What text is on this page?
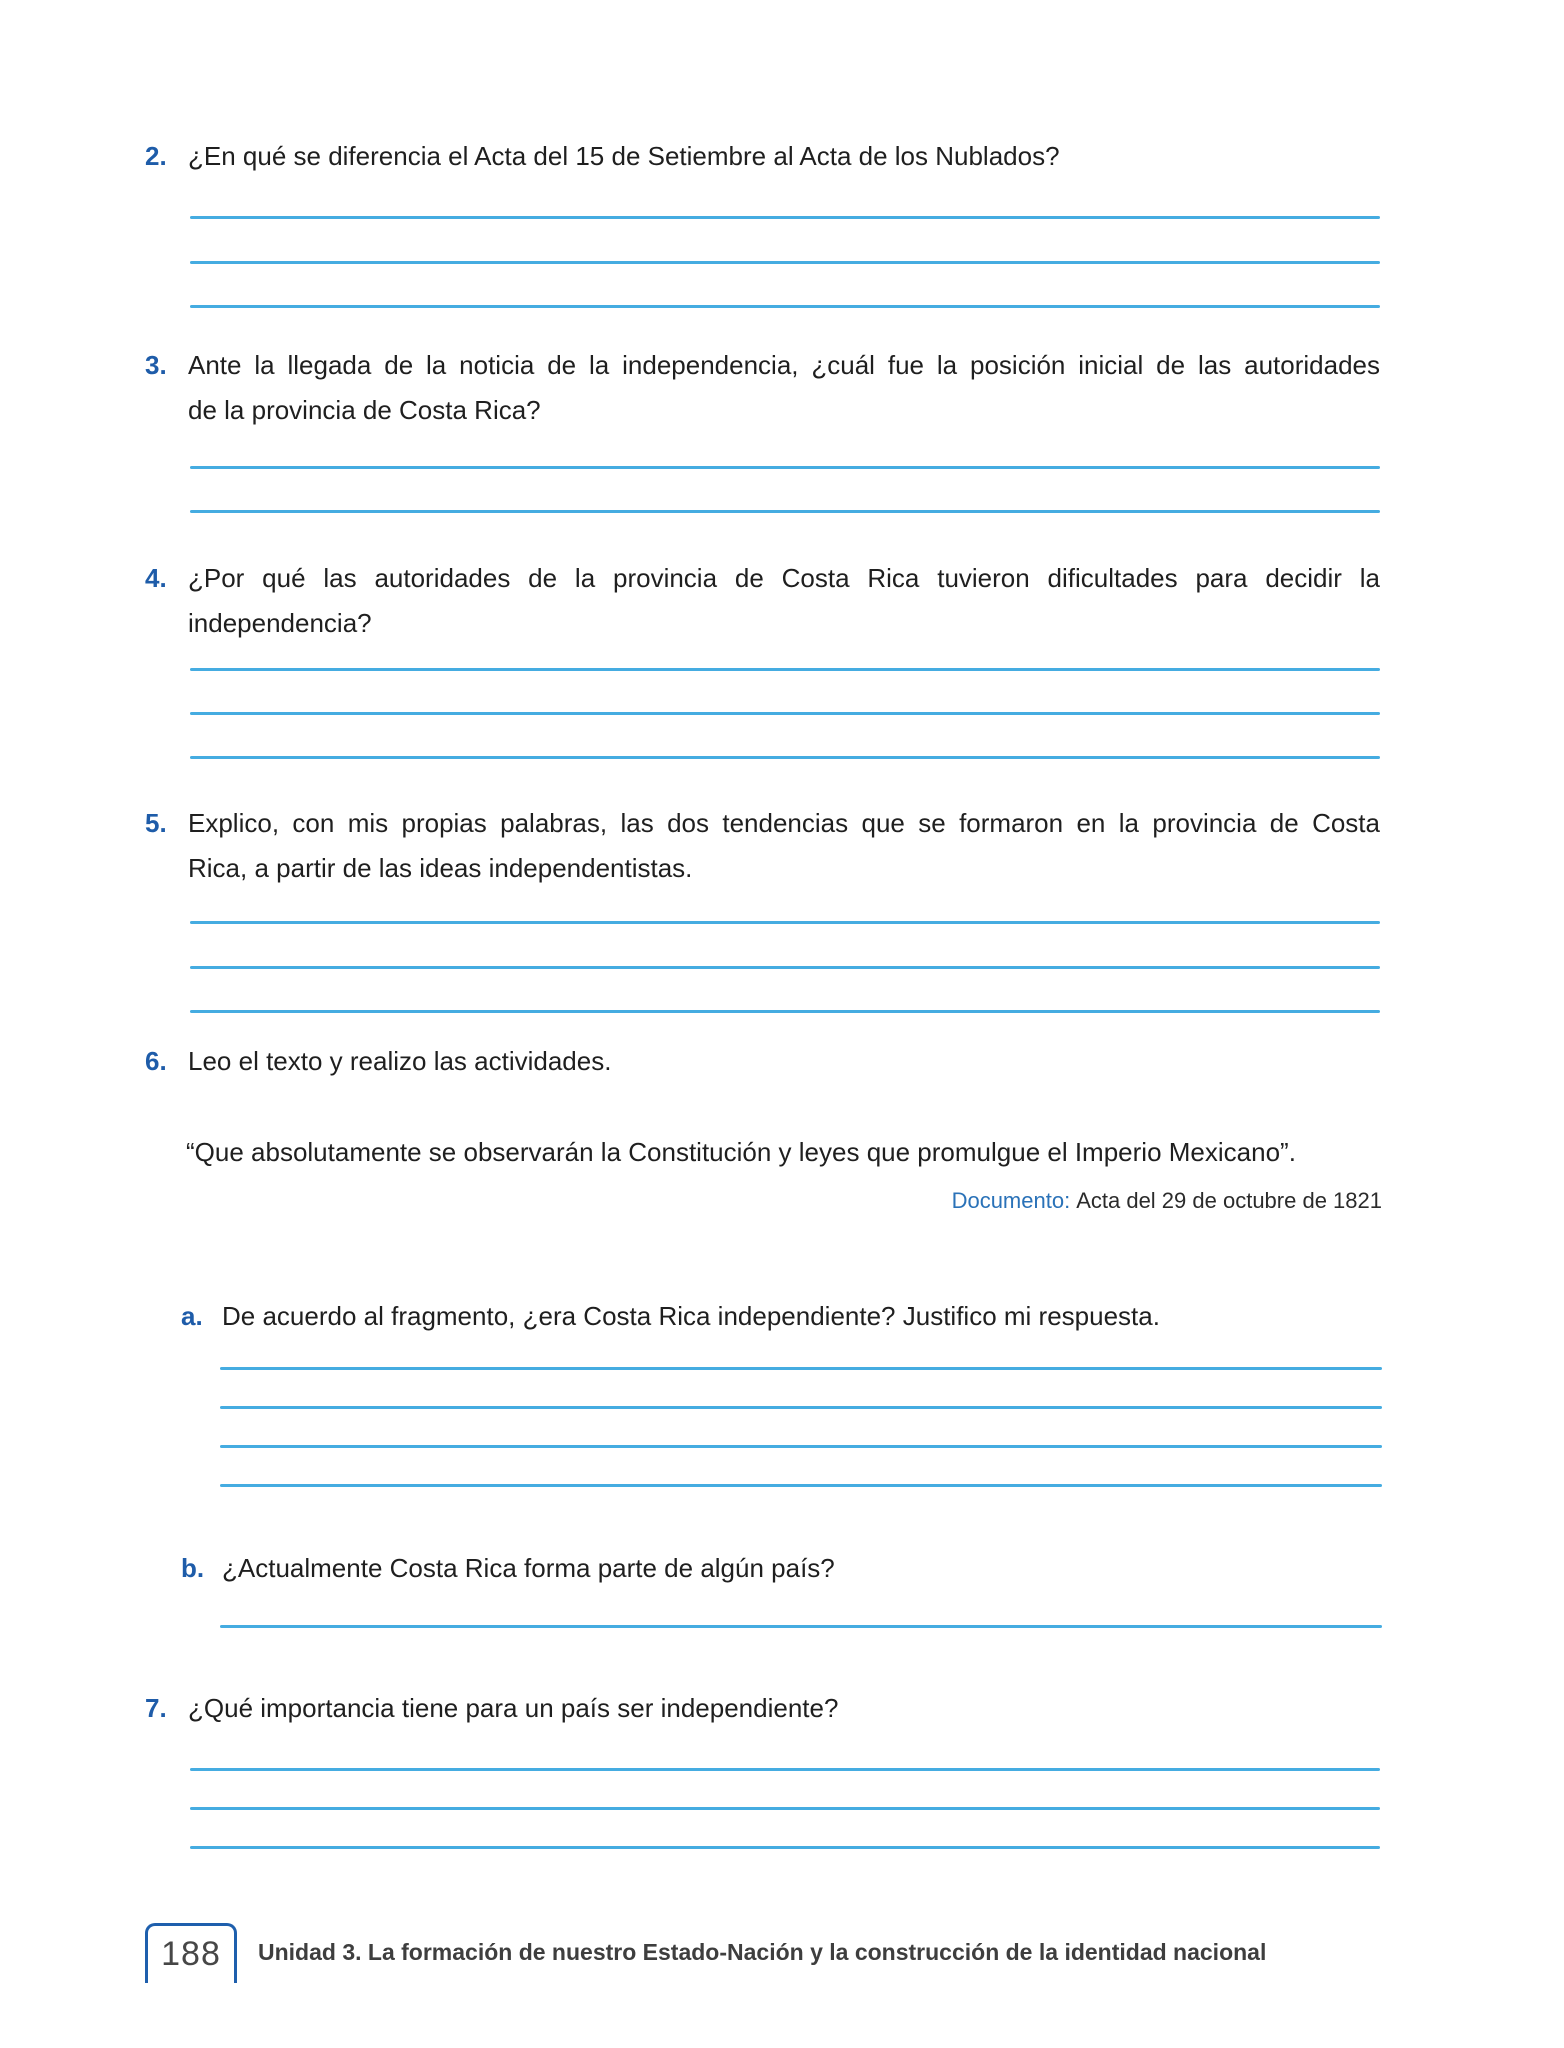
2. ¿En qué se diferencia el Acta del 15 de Setiembre al Acta de los Nublados?
3. Ante la llegada de la noticia de la independencia, ¿cuál fue la posición inicial de las autoridades
de la provincia de Costa Rica?
4. ¿Por qué las autoridades de la provincia de Costa Rica tuvieron dificultades para decidir la
independencia?
5. Explico, con mis propias palabras, las dos tendencias que se formaron en la provincia de Costa
Rica, a partir de las ideas independentistas.
6. Leo el texto y realizo las actividades.
“Que absolutamente se observarán la Constitución y leyes que promulgue el Imperio Mexicano”.
Documento: Acta del 29 de octubre de 1821
a. De acuerdo al fragmento, ¿era Costa Rica independiente? Justifico mi respuesta.
b. ¿Actualmente Costa Rica forma parte de algún país?
7. ¿Qué importancia tiene para un país ser independiente?
188 Unidad 3. La formación de nuestro Estado-Nación y la construcción de la identidad nacional
